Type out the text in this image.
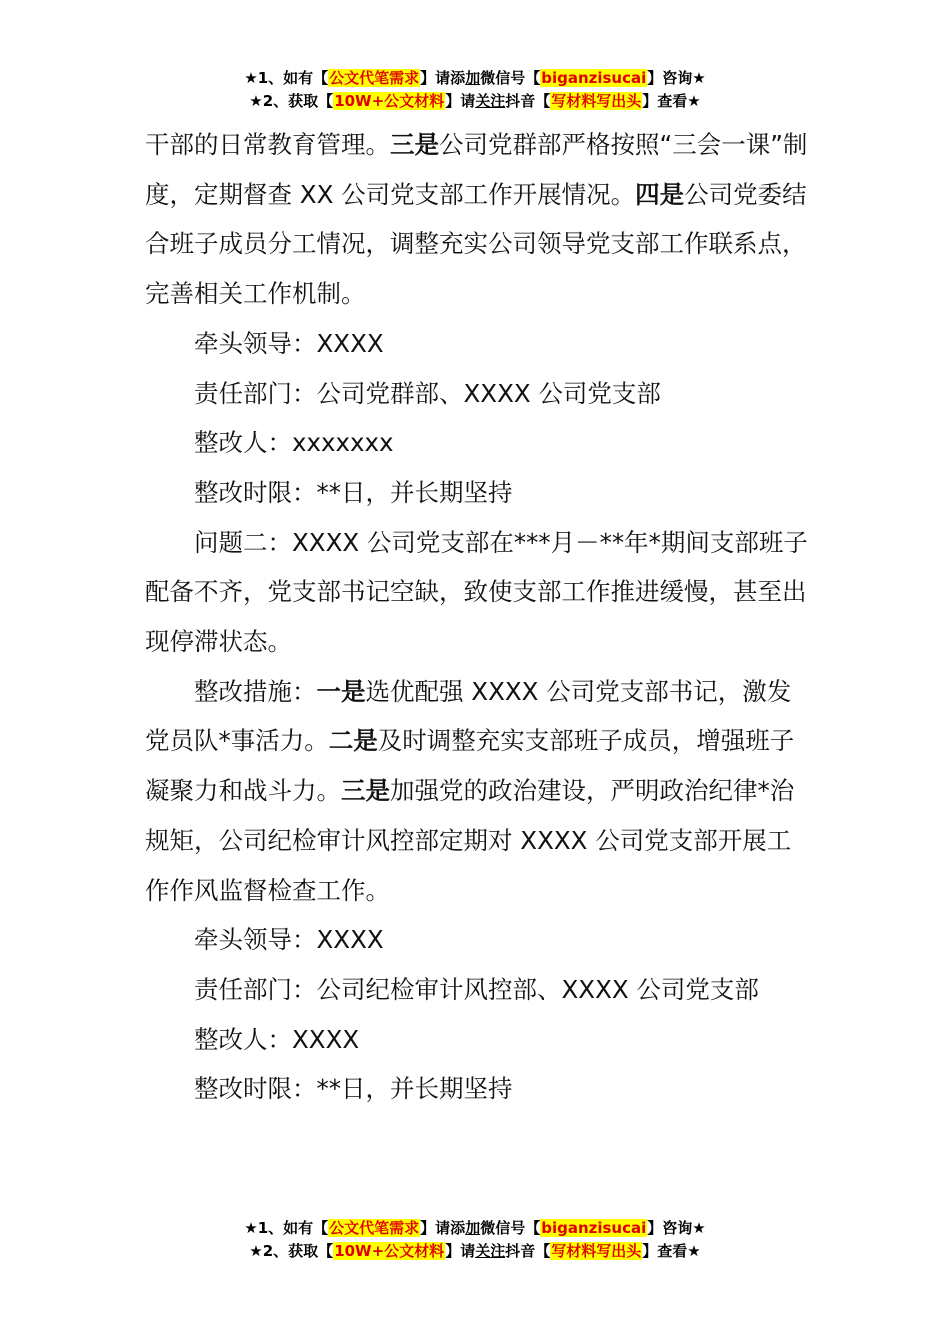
★1、如有【公文代笔需求】请添加微信号【biganzisucai】咨询★
★2、获取【10W+公文材料】请关注抖音【写材料写出头】查看★

干部的日常教育管理。三是公司党群部严格按照“三会一课”制度，定期督查 XX 公司党支部工作开展情况。四是公司党委结合班子成员分工情况，调整充实公司领导党支部工作联系点，完善相关工作机制。

牵头领导：XXXX

责任部门：公司党群部、XXXX 公司党支部

整改人：xxxxxxx

整改时限：**日，并长期坚持

问题二：XXXX 公司党支部在***月－**年*期间支部班子配备不齐，党支部书记空缺，致使支部工作推进缓慢，甚至出现停滞状态。

整改措施：一是选优配强 XXXX 公司党支部书记，激发党员队*事活力。二是及时调整充实支部班子成员，增强班子凝聚力和战斗力。三是加强党的政治建设，严明政治纪律*治规矩，公司纪检审计风控部定期对 XXXX 公司党支部开展工作作风监督检查工作。

牵头领导：XXXX

责任部门：公司纪检审计风控部、XXXX 公司党支部

整改人：XXXX

整改时限：**日，并长期坚持

★1、如有【公文代笔需求】请添加微信号【biganzisucai】咨询★
★2、获取【10W+公文材料】请关注抖音【写材料写出头】查看★
